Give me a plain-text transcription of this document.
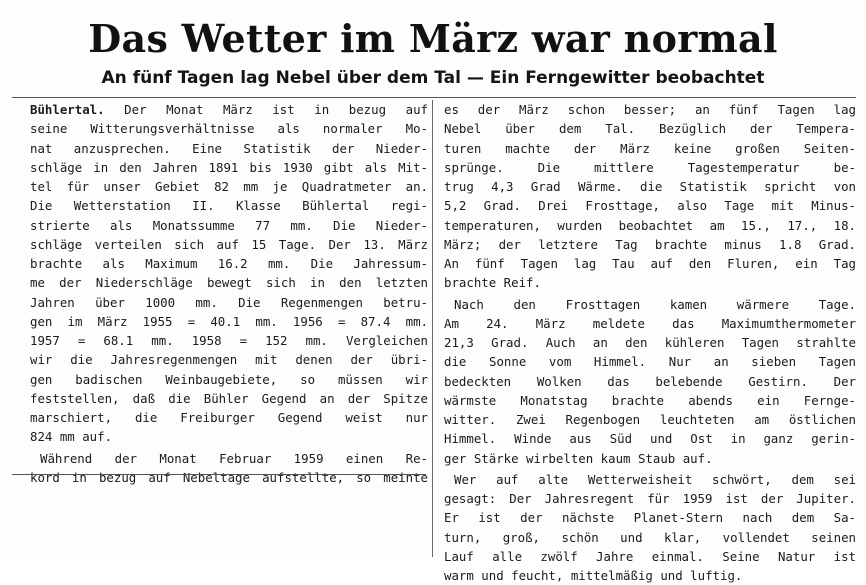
Das Wetter im März war normal
An fünf Tagen lag Nebel über dem Tal — Ein Ferngewitter beobachtet
Bühlertal. Der Monat März ist in bezug auf
seine Witterungsverhältnisse als normaler Mo-
nat anzusprechen. Eine Statistik der Nieder-
schläge in den Jahren 1891 bis 1930 gibt als Mit-
tel für unser Gebiet 82 mm je Quadratmeter an.
Die Wetterstation II. Klasse Bühlertal regi-
strierte als Monatssumme 77 mm. Die Nieder-
schläge verteilen sich auf 15 Tage. Der 13. März
brachte als Maximum 16.2 mm. Die Jahressum-
me der Niederschläge bewegt sich in den letzten
Jahren über 1000 mm. Die Regenmengen betru-
gen im März 1955 = 40.1 mm. 1956 = 87.4 mm.
1957 = 68.1 mm. 1958 = 152 mm. Vergleichen
wir die Jahresregenmengen mit denen der übri-
gen badischen Weinbaugebiete, so müssen wir
feststellen, daß die Bühler Gegend an der Spitze
marschiert, die Freiburger Gegend weist nur
824 mm auf.
Während der Monat Februar 1959 einen Re-
kord in bezug auf Nebeltage aufstellte, so meinte
es der März schon besser; an fünf Tagen lag
Nebel über dem Tal. Bezüglich der Tempera-
turen machte der März keine großen Seiten-
sprünge. Die mittlere Tagestemperatur be-
trug 4,3 Grad Wärme. die Statistik spricht von
5,2 Grad. Drei Frosttage, also Tage mit Minus-
temperaturen, wurden beobachtet am 15., 17., 18.
März; der letztere Tag brachte minus 1.8 Grad.
An fünf Tagen lag Tau auf den Fluren, ein Tag
brachte Reif.
Nach den Frosttagen kamen wärmere Tage.
Am 24. März meldete das Maximumthermometer
21,3 Grad. Auch an den kühleren Tagen strahlte
die Sonne vom Himmel. Nur an sieben Tagen
bedeckten Wolken das belebende Gestirn. Der
wärmste Monatstag brachte abends ein Fernge-
witter. Zwei Regenbogen leuchteten am östlichen
Himmel. Winde aus Süd und Ost in ganz gerin-
ger Stärke wirbelten kaum Staub auf.
Wer auf alte Wetterweisheit schwört, dem sei
gesagt: Der Jahresregent für 1959 ist der Jupiter.
Er ist der nächste Planet-Stern nach dem Sa-
turn, groß, schön und klar, vollendet seinen
Lauf alle zwölf Jahre einmal. Seine Natur ist
warm und feucht, mittelmäßig und luftig.
